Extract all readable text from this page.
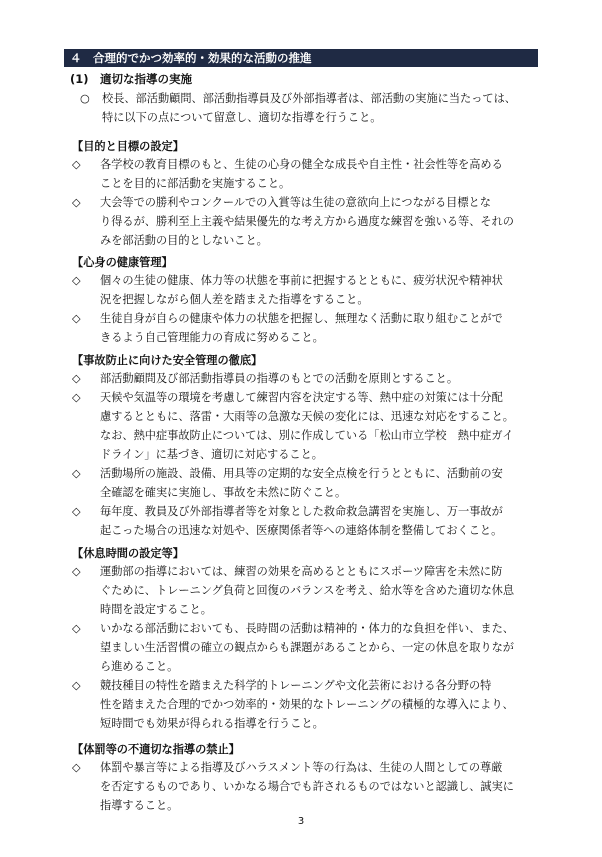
４　合理的でかつ効率的・効果的な活動の推進
(1)　適切な指導の実施
○ 校長、部活動顧問、部活動指導員及び外部指導者は、部活動の実施に当たっては、
特に以下の点について留意し、適切な指導を行うこと。
【目的と目標の設定】
◇ 各学校の教育目標のもと、生徒の心身の健全な成長や自主性・社会性等を高める
ことを目的に部活動を実施すること。
◇ 大会等での勝利やコンクールでの入賞等は生徒の意欲向上につながる目標とな
り得るが、勝利至上主義や結果優先的な考え方から過度な練習を強いる等、それの
みを部活動の目的としないこと。
【心身の健康管理】
◇ 個々の生徒の健康、体力等の状態を事前に把握するとともに、疲労状況や精神状
況を把握しながら個人差を踏まえた指導をすること。
◇ 生徒自身が自らの健康や体力の状態を把握し、無理なく活動に取り組むことがで
きるよう自己管理能力の育成に努めること。
【事故防止に向けた安全管理の徹底】
◇ 部活動顧問及び部活動指導員の指導のもとでの活動を原則とすること。
◇ 天候や気温等の環境を考慮して練習内容を決定する等、熱中症の対策には十分配
慮するとともに、落雷・大雨等の急激な天候の変化には、迅速な対応をすること。
なお、熱中症事故防止については、別に作成している「松山市立学校　熱中症ガイ
ドライン」に基づき、適切に対応すること。
◇ 活動場所の施設、設備、用具等の定期的な安全点検を行うとともに、活動前の安
全確認を確実に実施し、事故を未然に防ぐこと。
◇ 毎年度、教員及び外部指導者等を対象とした救命救急講習を実施し、万一事故が
起こった場合の迅速な対処や、医療関係者等への連絡体制を整備しておくこと。
【休息時間の設定等】
◇ 運動部の指導においては、練習の効果を高めるとともにスポーツ障害を未然に防
ぐために、トレーニング負荷と回復のバランスを考え、給水等を含めた適切な休息
時間を設定すること。
◇ いかなる部活動においても、長時間の活動は精神的・体力的な負担を伴い、また、
望ましい生活習慣の確立の観点からも課題があることから、一定の休息を取りなが
ら進めること。
◇ 競技種目の特性を踏まえた科学的トレーニングや文化芸術における各分野の特
性を踏まえた合理的でかつ効率的・効果的なトレーニングの積極的な導入により、
短時間でも効果が得られる指導を行うこと。
【体罰等の不適切な指導の禁止】
◇ 体罰や暴言等による指導及びハラスメント等の行為は、生徒の人間としての尊厳
を否定するものであり、いかなる場合でも許されるものではないと認識し、誠実に
指導すること。
3
